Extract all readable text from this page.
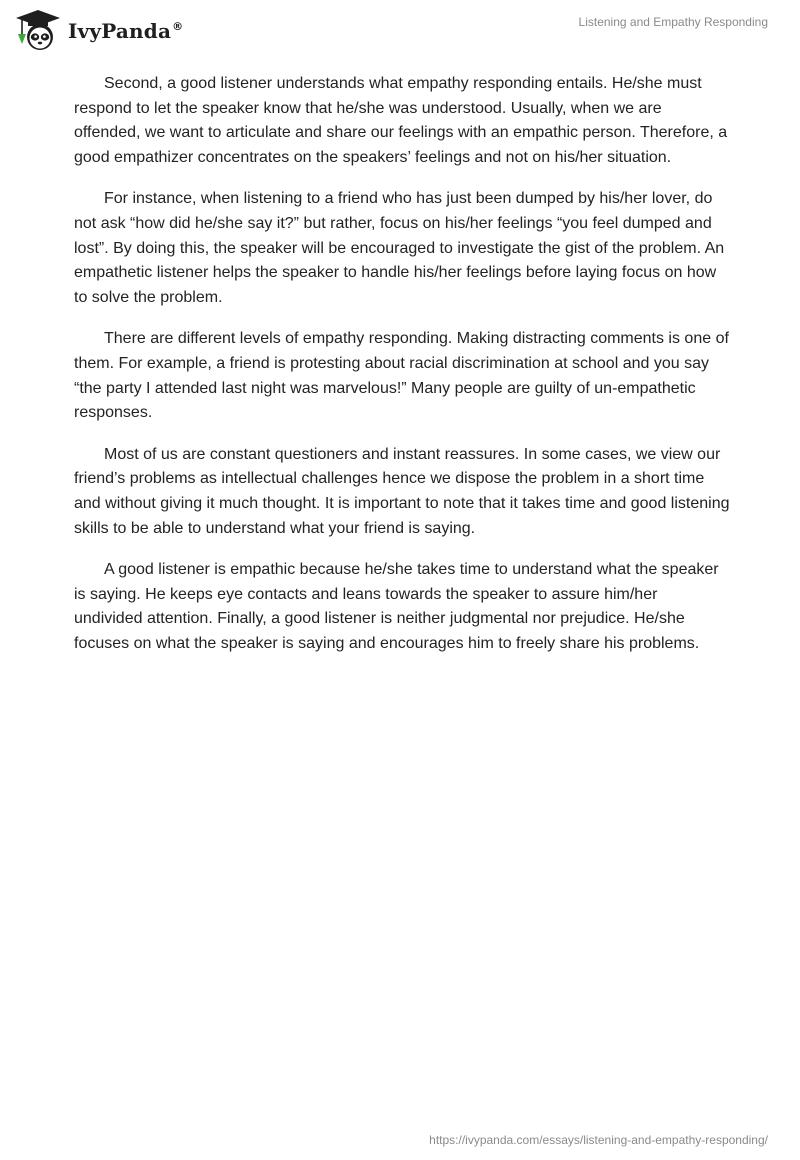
IvyPanda®	Listening and Empathy Responding

Second, a good listener understands what empathy responding entails. He/she must respond to let the speaker know that he/she was understood. Usually, when we are offended, we want to articulate and share our feelings with an empathic person. Therefore, a good empathizer concentrates on the speakers’ feelings and not on his/her situation.

For instance, when listening to a friend who has just been dumped by his/her lover, do not ask “how did he/she say it?” but rather, focus on his/her feelings “you feel dumped and lost”. By doing this, the speaker will be encouraged to investigate the gist of the problem. An empathetic listener helps the speaker to handle his/her feelings before laying focus on how to solve the problem.

There are different levels of empathy responding. Making distracting comments is one of them. For example, a friend is protesting about racial discrimination at school and you say “the party I attended last night was marvelous!” Many people are guilty of un-empathetic responses.

Most of us are constant questioners and instant reassures. In some cases, we view our friend’s problems as intellectual challenges hence we dispose the problem in a short time and without giving it much thought. It is important to note that it takes time and good listening skills to be able to understand what your friend is saying.

A good listener is empathic because he/she takes time to understand what the speaker is saying. He keeps eye contacts and leans towards the speaker to assure him/her undivided attention. Finally, a good listener is neither judgmental nor prejudice. He/she focuses on what the speaker is saying and encourages him to freely share his problems.

https://ivypanda.com/essays/listening-and-empathy-responding/
